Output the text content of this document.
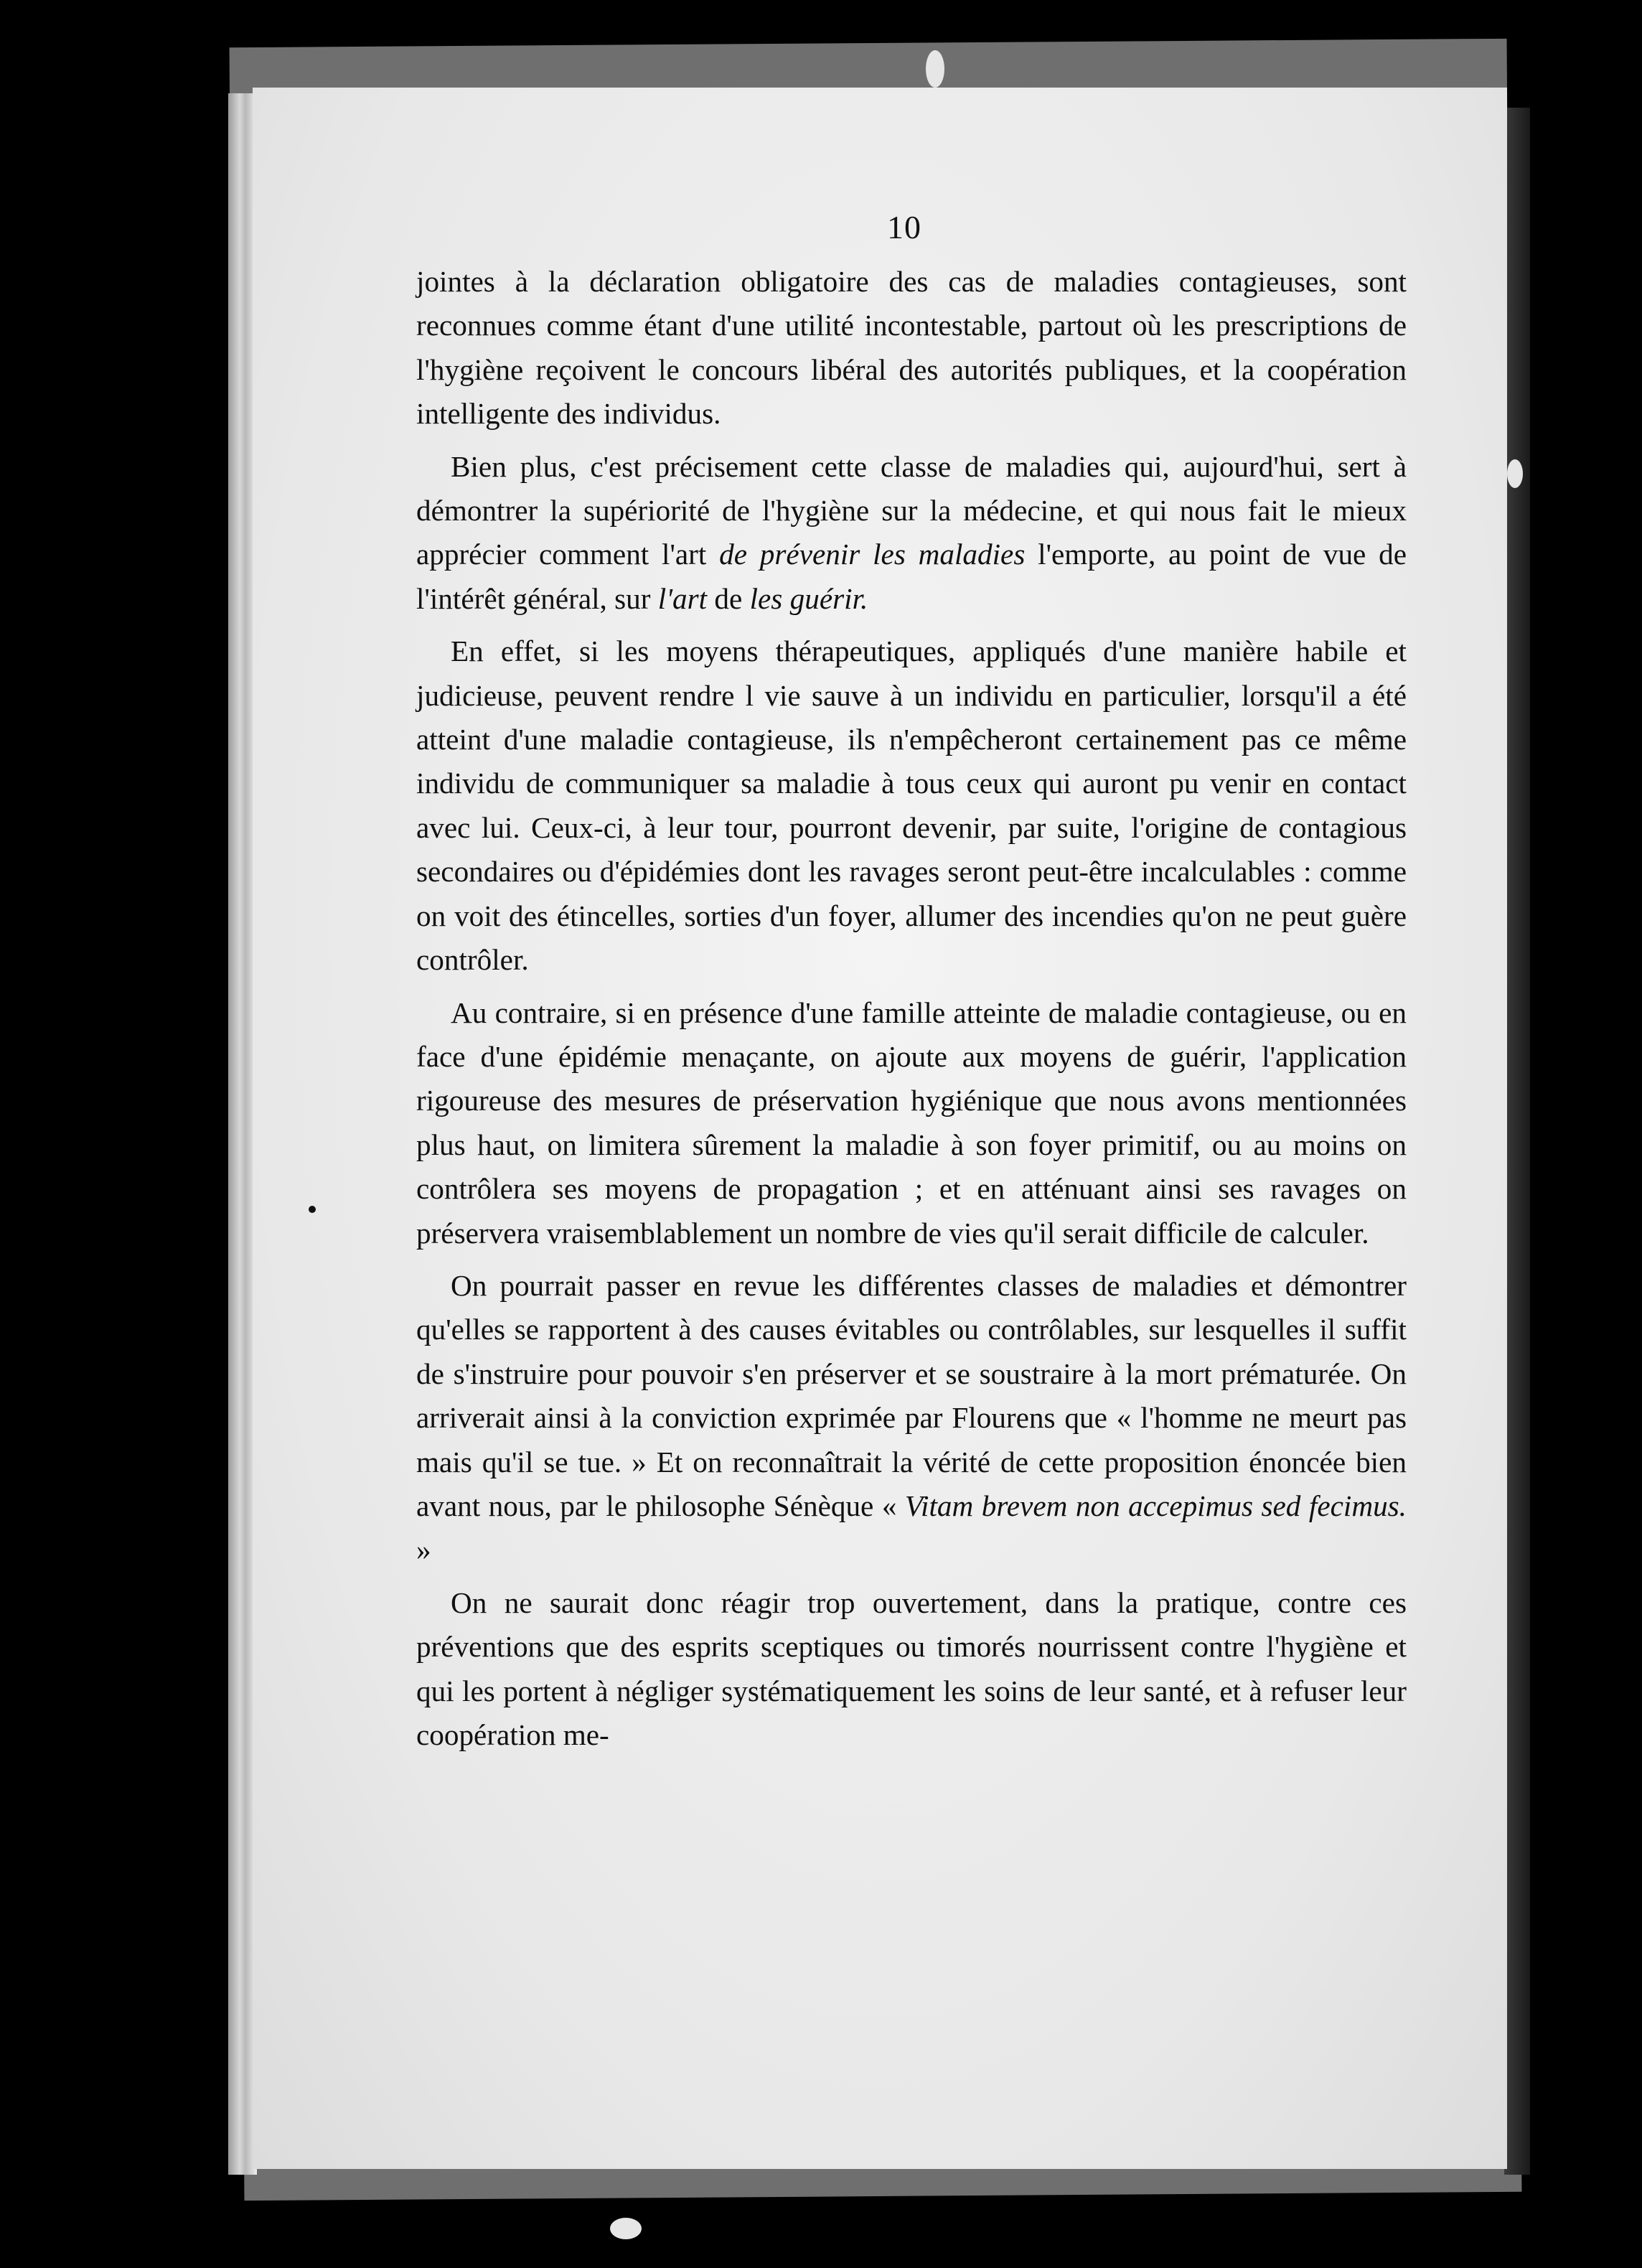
10

jointes à la déclaration obligatoire des cas de maladies contagieuses, sont reconnues comme étant d'une utilité incontestable, partout où les prescriptions de l'hygiène reçoivent le concours libéral des autorités publiques, et la coopération intelligente des individus.

Bien plus, c'est précisement cette classe de maladies qui, aujourd'hui, sert à démontrer la supériorité de l'hygiène sur la médecine, et qui nous fait le mieux apprécier comment l'art de prévenir les maladies l'emporte, au point de vue de l'intérêt général, sur l'art de les guérir.

En effet, si les moyens thérapeutiques, appliqués d'une manière habile et judicieuse, peuvent rendre l vie sauve à un individu en particulier, lorsqu'il a été atteint d'une maladie contagieuse, ils n'empêcheront certainement pas ce même individu de communiquer sa maladie à tous ceux qui auront pu venir en contact avec lui. Ceux-ci, à leur tour, pourront devenir, par suite, l'origine de contagious secondaires ou d'épidémies dont les ravages seront peut-être incalculables : comme on voit des étincelles, sorties d'un foyer, allumer des incendies qu'on ne peut guère contrôler.

Au contraire, si en présence d'une famille atteinte de maladie contagieuse, ou en face d'une épidémie menaçante, on ajoute aux moyens de guérir, l'application rigoureuse des mesures de préservation hygiénique que nous avons mentionnées plus haut, on limitera sûrement la maladie à son foyer primitif, ou au moins on contrôlera ses moyens de propagation ; et en atténuant ainsi ses ravages on préservera vraisemblablement un nombre de vies qu'il serait difficile de calculer.

On pourrait passer en revue les différentes classes de maladies et démontrer qu'elles se rapportent à des causes évitables ou contrôlables, sur lesquelles il suffit de s'instruire pour pouvoir s'en préserver et se soustraire à la mort prématurée. On arriverait ainsi à la conviction exprimée par Flourens que « l'homme ne meurt pas mais qu'il se tue. » Et on reconnaîtrait la vérité de cette proposition énoncée bien avant nous, par le philosophe Sénèque « Vitam brevem non accepimus sed fecimus. »

On ne saurait donc réagir trop ouvertement, dans la pratique, contre ces préventions que des esprits sceptiques ou timorés nourrissent contre l'hygiène et qui les portent à négliger systématiquement les soins de leur santé, et à refuser leur coopération me-
